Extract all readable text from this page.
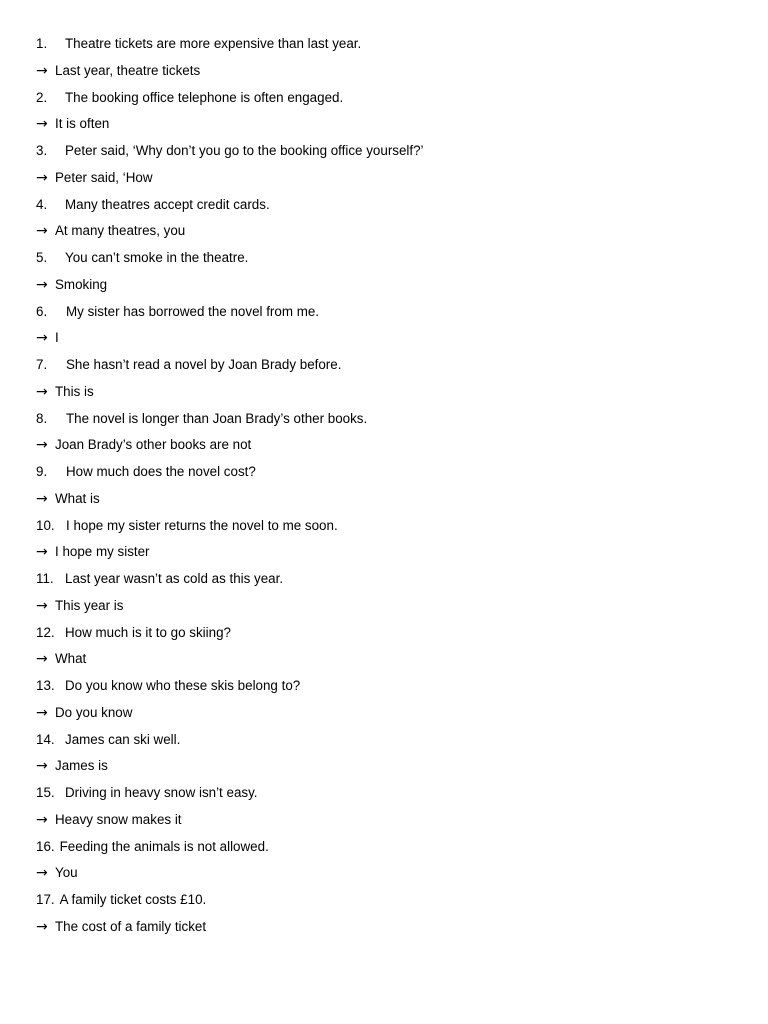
1. Theatre tickets are more expensive than last year.
→ Last year, theatre tickets
2. The booking office telephone is often engaged.
→ It is often
3. Peter said, ‘Why don’t you go to the booking office yourself?’
→ Peter said, ‘How
4. Many theatres accept credit cards.
→ At many theatres, you
5. You can’t smoke in the theatre.
→ Smoking
6. My sister has borrowed the novel from me.
→ I
7. She hasn’t read a novel by Joan Brady before.
→ This is
8. The novel is longer than Joan Brady’s other books.
→ Joan Brady’s other books are not
9. How much does the novel cost?
→ What is
10. I hope my sister returns the novel to me soon.
→ I hope my sister
11. Last year wasn’t as cold as this year.
→ This year is
12. How much is it to go skiing?
→ What
13. Do you know who these skis belong to?
→ Do you know
14. James can ski well.
→ James is
15. Driving in heavy snow isn’t easy.
→ Heavy snow makes it
16. Feeding the animals is not allowed.
→ You
17. A family ticket costs £10.
→ The cost of a family ticket
